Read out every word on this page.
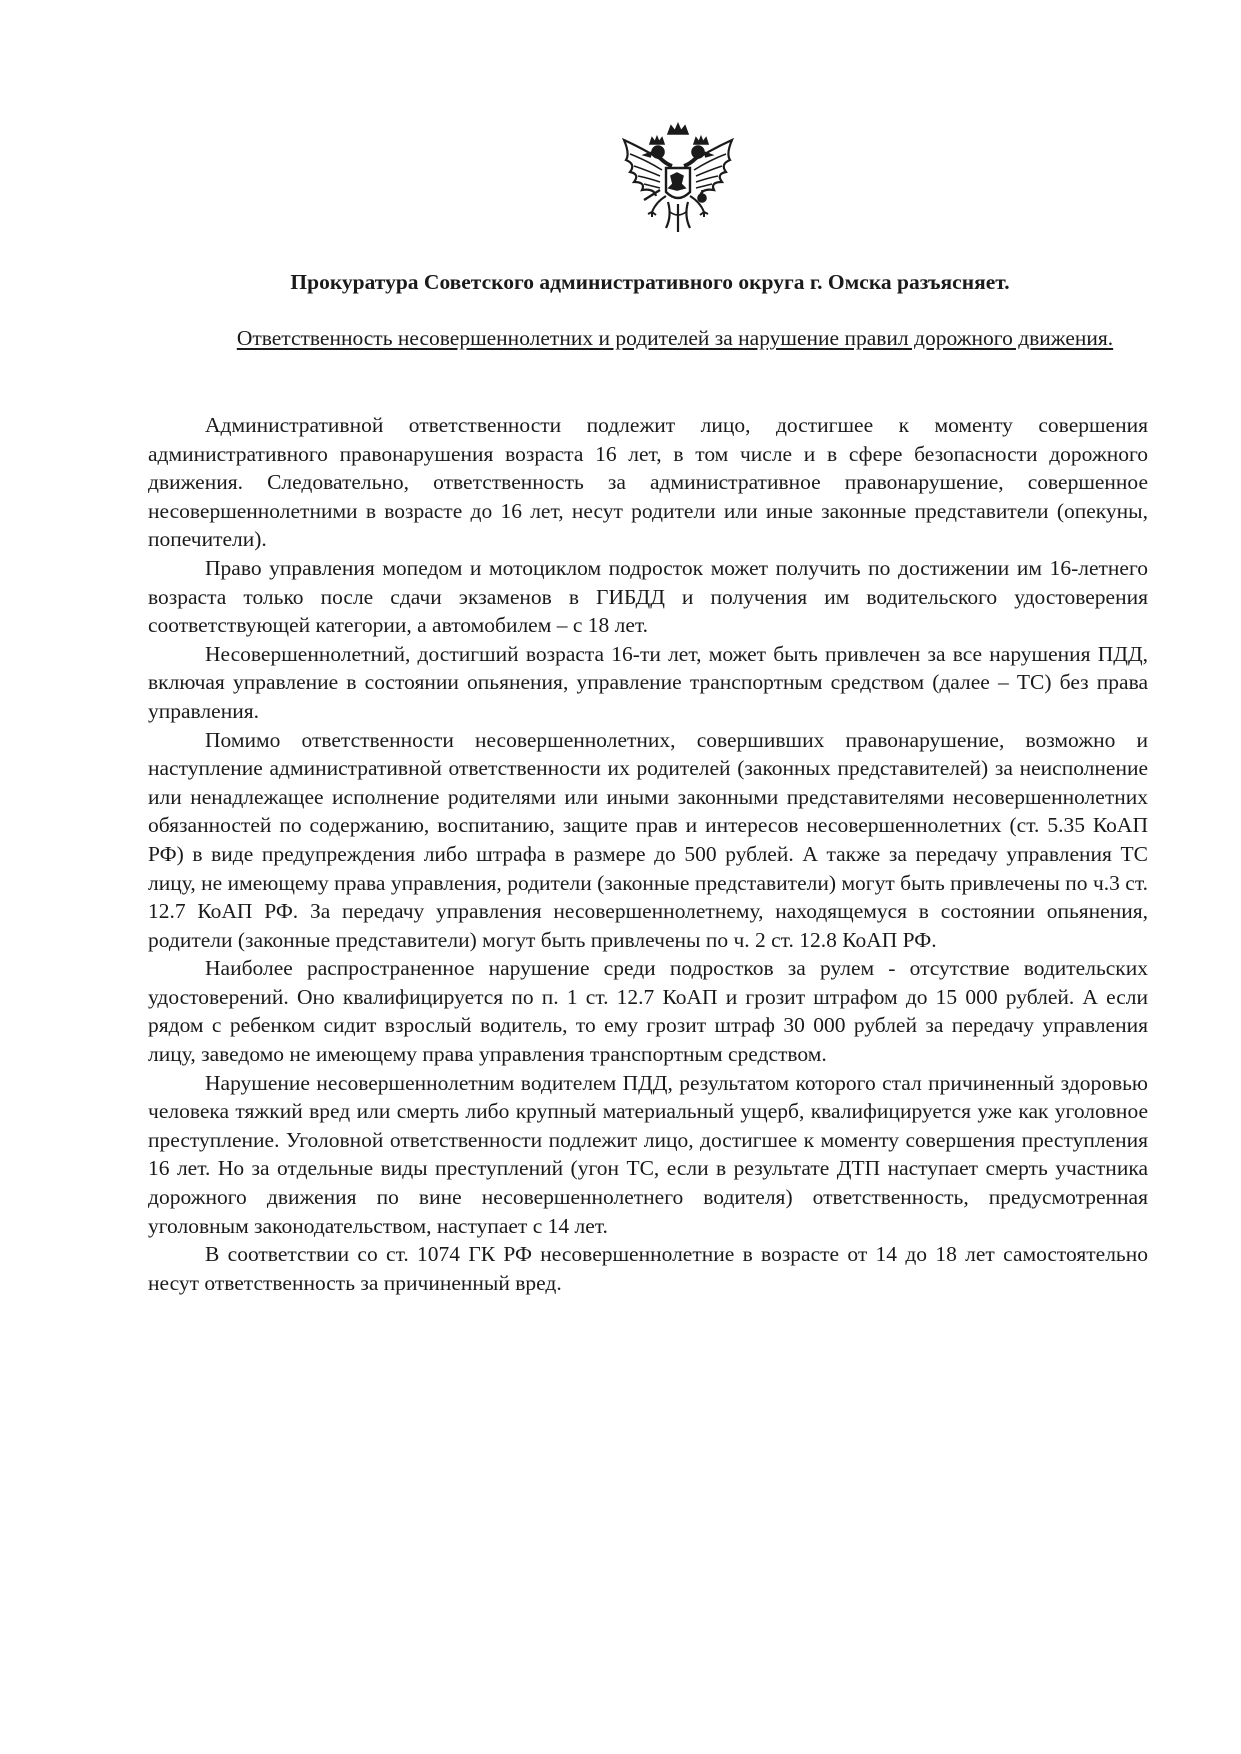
Прокуратура Советского административного округа г. Омска разъясняет.
Ответственность несовершеннолетних и родителей за нарушение правил дорожного движения.

Административной ответственности подлежит лицо, достигшее к моменту совершения административного правонарушения возраста 16 лет, в том числе и в сфере безопасности дорожного движения. Следовательно, ответственность за административное правонарушение, совершенное несовершеннолетними в возрасте до 16 лет, несут родители или иные законные представители (опекуны, попечители).

Право управления мопедом и мотоциклом подросток может получить по достижении им 16-летнего возраста только после сдачи экзаменов в ГИБДД и получения им водительского удостоверения соответствующей категории, а автомобилем – с 18 лет.

Несовершеннолетний, достигший возраста 16-ти лет, может быть привлечен за все нарушения ПДД, включая управление в состоянии опьянения, управление транспортным средством (далее – ТС) без права управления.

Помимо ответственности несовершеннолетних, совершивших правонарушение, возможно и наступление административной ответственности их родителей (законных представителей) за неисполнение или ненадлежащее исполнение родителями или иными законными представителями несовершеннолетних обязанностей по содержанию, воспитанию, защите прав и интересов несовершеннолетних (ст. 5.35 КоАП РФ) в виде предупреждения либо штрафа в размере до 500 рублей. А также за передачу управления ТС лицу, не имеющему права управления, родители (законные представители) могут быть привлечены по ч.3 ст. 12.7 КоАП РФ. За передачу управления несовершеннолетнему, находящемуся в состоянии опьянения, родители (законные представители) могут быть привлечены по ч. 2 ст. 12.8 КоАП РФ.

Наиболее распространенное нарушение среди подростков за рулем - отсутствие водительских удостоверений. Оно квалифицируется по п. 1 ст. 12.7 КоАП и грозит штрафом до 15 000 рублей. А если рядом с ребенком сидит взрослый водитель, то ему грозит штраф 30 000 рублей за передачу управления лицу, заведомо не имеющему права управления транспортным средством.

Нарушение несовершеннолетним водителем ПДД, результатом которого стал причиненный здоровью человека тяжкий вред или смерть либо крупный материальный ущерб, квалифицируется уже как уголовное преступление. Уголовной ответственности подлежит лицо, достигшее к моменту совершения преступления 16 лет. Но за отдельные виды преступлений (угон ТС, если в результате ДТП наступает смерть участника дорожного движения по вине несовершеннолетнего водителя) ответственность, предусмотренная уголовным законодательством, наступает с 14 лет.

В соответствии со ст. 1074 ГК РФ несовершеннолетние в возрасте от 14 до 18 лет самостоятельно несут ответственность за причиненный вред.
